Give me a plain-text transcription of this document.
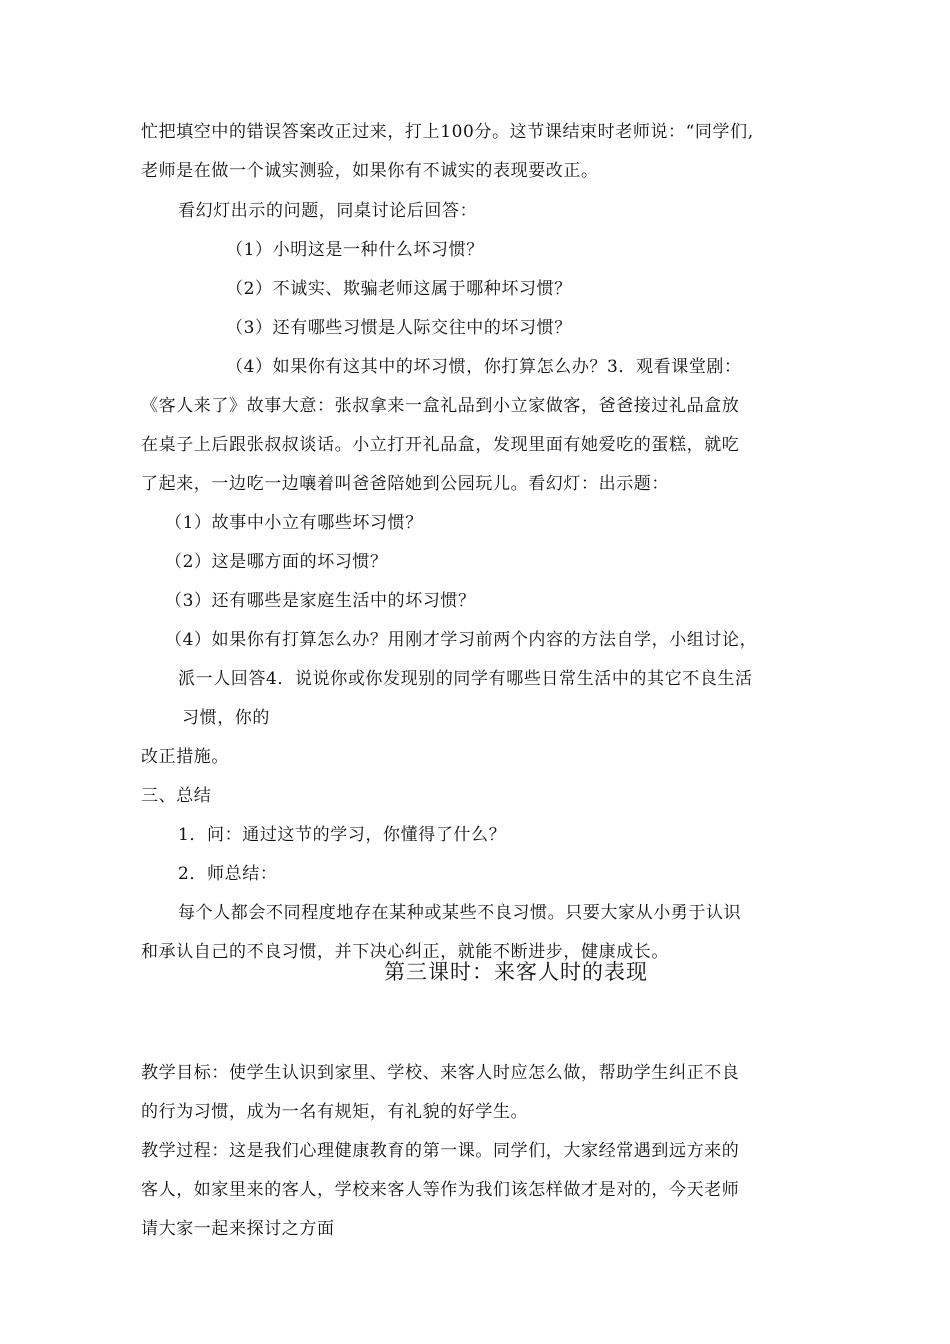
忙把填空中的错误答案改正过来，打上100分。这节课结束时老师说：“同学们,
老师是在做一个诚实测验，如果你有不诚实的表现要改正。
看幻灯出示的问题，同桌讨论后回答：
（1）小明这是一种什么坏习惯？
（2）不诚实、欺骗老师这属于哪种坏习惯？
（3）还有哪些习惯是人际交往中的坏习惯？
（4）如果你有这其中的坏习惯，你打算怎么办？3．观看课堂剧：
《客人来了》故事大意：张叔拿来一盒礼品到小立家做客，爸爸接过礼品盒放
在桌子上后跟张叔叔谈话。小立打开礼品盒，发现里面有她爱吃的蛋糕，就吃
了起来，一边吃一边嚷着叫爸爸陪她到公园玩儿。看幻灯：出示题：
（1）故事中小立有哪些坏习惯？
（2）这是哪方面的坏习惯？
（3）还有哪些是家庭生活中的坏习惯？
（4）如果你有打算怎么办？用刚才学习前两个内容的方法自学，小组讨论，
派一人回答4．说说你或你发现别的同学有哪些日常生活中的其它不良生活
习惯，你的
改正措施。
三、总结
1．问：通过这节的学习，你懂得了什么？
2．师总结：
每个人都会不同程度地存在某种或某些不良习惯。只要大家从小勇于认识
和承认自己的不良习惯，并下决心纠正，就能不断进步，健康成长。
第三课时：来客人时的表现
教学目标：使学生认识到家里、学校、来客人时应怎么做，帮助学生纠正不良
的行为习惯，成为一名有规矩，有礼貌的好学生。
教学过程：这是我们心理健康教育的第一课。同学们，大家经常遇到远方来的
客人，如家里来的客人，学校来客人等作为我们该怎样做才是对的，今天老师
请大家一起来探讨之方面
